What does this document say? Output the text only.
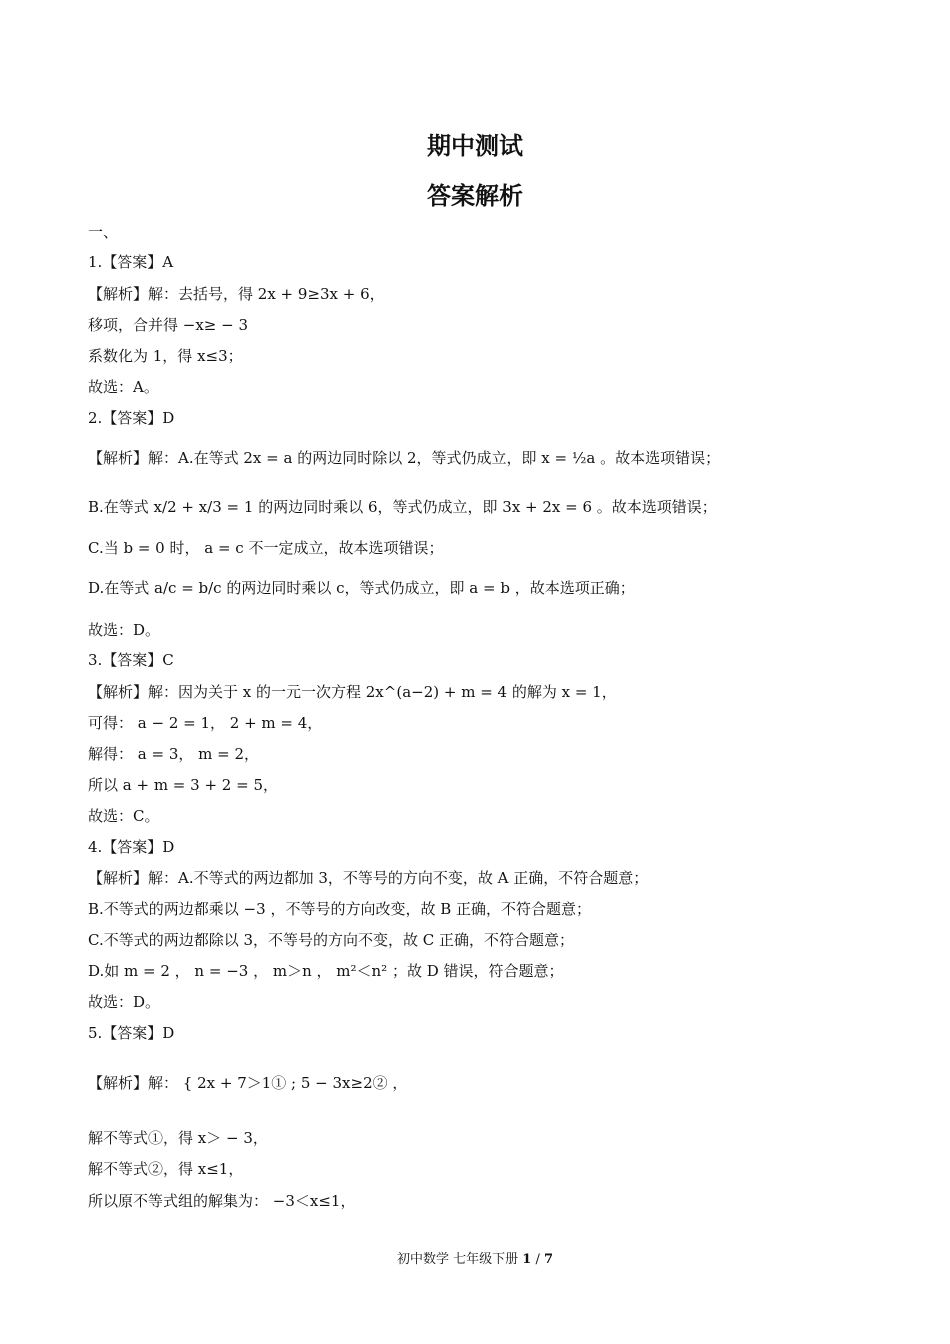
期中测试
答案解析
一、
1.【答案】A
【解析】解：去括号，得 2x + 9≥3x + 6，
移项，合并得 −x≥ − 3
系数化为 1，得 x≤3；
故选：A。
2.【答案】D
【解析】解：A.在等式 2x = a 的两边同时除以 2，等式仍成立，即 x = ½a 。故本选项错误；
B.在等式 x/2 + x/3 = 1 的两边同时乘以 6，等式仍成立，即 3x + 2x = 6 。故本选项错误；
C.当 b = 0 时， a = c 不一定成立，故本选项错误；
D.在等式 a/c = b/c 的两边同时乘以 c，等式仍成立，即 a = b ，故本选项正确；
故选：D。
3.【答案】C
【解析】解：因为关于 x 的一元一次方程 2x^(a−2) + m = 4 的解为 x = 1，
可得： a − 2 = 1， 2 + m = 4，
解得： a = 3， m = 2，
所以 a + m = 3 + 2 = 5，
故选：C。
4.【答案】D
【解析】解：A.不等式的两边都加 3，不等号的方向不变，故 A 正确，不符合题意；
B.不等式的两边都乘以 −3 ，不等号的方向改变，故 B 正确，不符合题意；
C.不等式的两边都除以 3，不等号的方向不变，故 C 正确，不符合题意；
D.如 m = 2 ， n = −3 ， m＞n ， m²＜n² ；故 D 错误，符合题意；
故选：D。
5.【答案】D
【解析】解： { 2x + 7＞1① ; 5 − 3x≥2② ，
解不等式①，得 x＞ − 3，
解不等式②，得 x≤1，
所以原不等式组的解集为： −3＜x≤1，
初中数学 七年级下册 1 / 7
